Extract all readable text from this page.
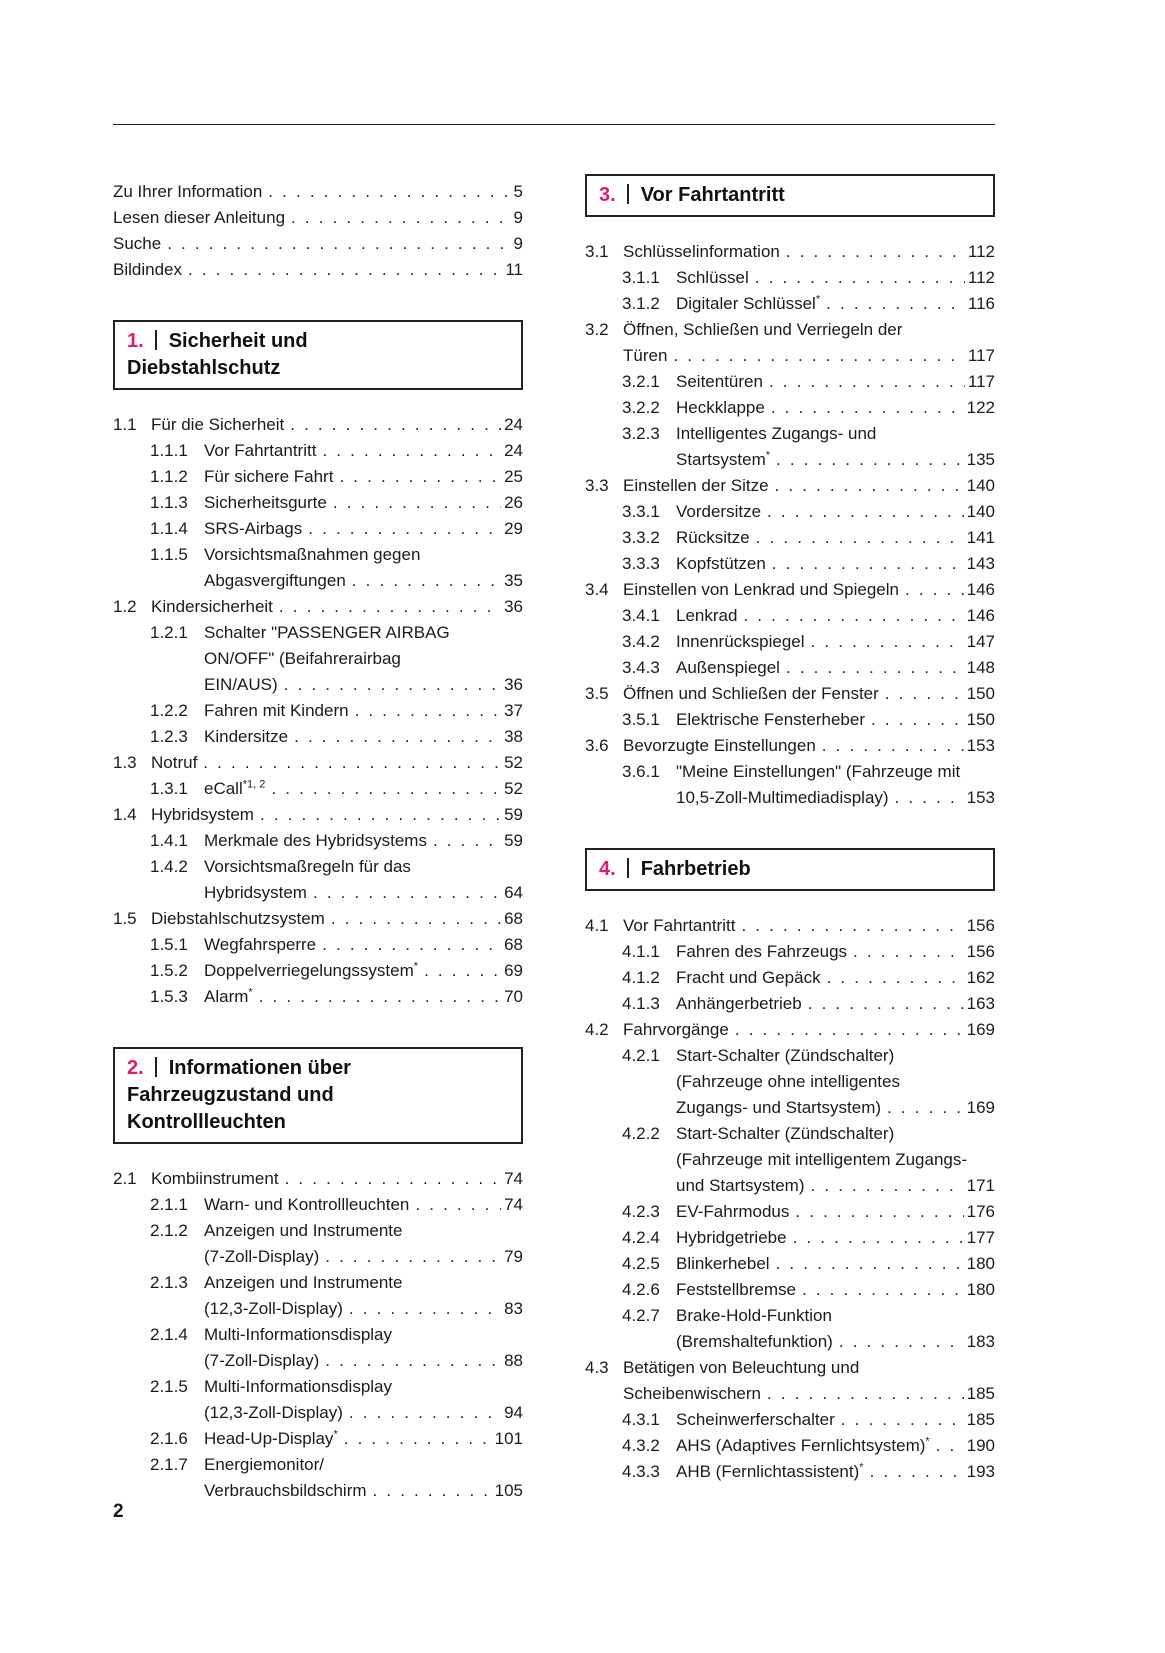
Zu Ihrer Information . . .	5
Lesen dieser Anleitung . . .	9
Suche . . .	9
Bildindex . . .	11
1. Sicherheit und
Diebstahlschutz
1.1 Für die Sicherheit . . .	24
1.1.1 Vor Fahrtantritt . . .	24
1.1.2 Für sichere Fahrt . . .	25
1.1.3 Sicherheitsgurte . . .	26
1.1.4 SRS-Airbags . . .	29
1.1.5 Vorsichtsmaßnahmen gegen
Abgasvergiftungen . . .	35
1.2 Kindersicherheit . . .	36
1.2.1 Schalter "PASSENGER AIRBAG
ON/OFF" (Beifahrerairbag
EIN/AUS) . . .	36
1.2.2 Fahren mit Kindern . . .	37
1.2.3 Kindersitze . . .	38
1.3 Notruf . . .	52
1.3.1 eCall$^{*1, 2}$ . . .	52
1.4 Hybridsystem . . .	59
1.4.1 Merkmale des Hybridsystems . . .	59
1.4.2 Vorsichtsmaßregeln für das
Hybridsystem . . .	64
1.5 Diebstahlschutzsystem . . .	68
1.5.1 Wegfahrsperre . . .	68
1.5.2 Doppelverriegelungssystem* . . .	69
1.5.3 Alarm* . . .	70
2. Informationen über
Fahrzeugzustand und
Kontrollleuchten
2.1 Kombiinstrument . . .	74
2.1.1 Warn- und Kontrollleuchten . . .	74
2.1.2 Anzeigen und Instrumente
(7-Zoll-Display) . . .	79
2.1.3 Anzeigen und Instrumente
(12,3-Zoll-Display) . . .	83
2.1.4 Multi-Informationsdisplay
(7-Zoll-Display) . . .	88
2.1.5 Multi-Informationsdisplay
(12,3-Zoll-Display) . . .	94
2.1.6 Head-Up-Display* . . .	101
2.1.7 Energiemonitor/
Verbrauchsbildschirm . . .	105
3. Vor Fahrtantritt
3.1 Schlüsselinformation . . .	112
3.1.1 Schlüssel . . .	112
3.1.2 Digitaler Schlüssel* . . .	116
3.2 Öffnen, Schließen und Verriegeln der
Türen . . .	117
3.2.1 Seitentüren . . .	117
3.2.2 Heckklappe . . .	122
3.2.3 Intelligentes Zugangs- und
Startsystem* . . .	135
3.3 Einstellen der Sitze . . .	140
3.3.1 Vordersitze . . .	140
3.3.2 Rücksitze . . .	141
3.3.3 Kopfstützen . . .	143
3.4 Einstellen von Lenkrad und Spiegeln . . .	146
3.4.1 Lenkrad . . .	146
3.4.2 Innenrückspiegel . . .	147
3.4.3 Außenspiegel . . .	148
3.5 Öffnen und Schließen der Fenster . . .	150
3.5.1 Elektrische Fensterheber . . .	150
3.6 Bevorzugte Einstellungen . . .	153
3.6.1 "Meine Einstellungen" (Fahrzeuge mit
10,5-Zoll-Multimediadisplay) . . .	153
4. Fahrbetrieb
4.1 Vor Fahrtantritt . . .	156
4.1.1 Fahren des Fahrzeugs . . .	156
4.1.2 Fracht und Gepäck . . .	162
4.1.3 Anhängerbetrieb . . .	163
4.2 Fahrvorgänge . . .	169
4.2.1 Start-Schalter (Zündschalter)
(Fahrzeuge ohne intelligentes
Zugangs- und Startsystem) . . .	169
4.2.2 Start-Schalter (Zündschalter)
(Fahrzeuge mit intelligentem Zugangs-
und Startsystem) . . .	171
4.2.3 EV-Fahrmodus . . .	176
4.2.4 Hybridgetriebe . . .	177
4.2.5 Blinkerhebel . . .	180
4.2.6 Feststellbremse . . .	180
4.2.7 Brake-Hold-Funktion
(Bremshaltefunktion) . . .	183
4.3 Betätigen von Beleuchtung und
Scheibenwischern . . .	185
4.3.1 Scheinwerferschalter . . .	185
4.3.2 AHS (Adaptives Fernlichtsystem)* . . . 190
4.3.3 AHB (Fernlichtassistent)* . . .	193
2
